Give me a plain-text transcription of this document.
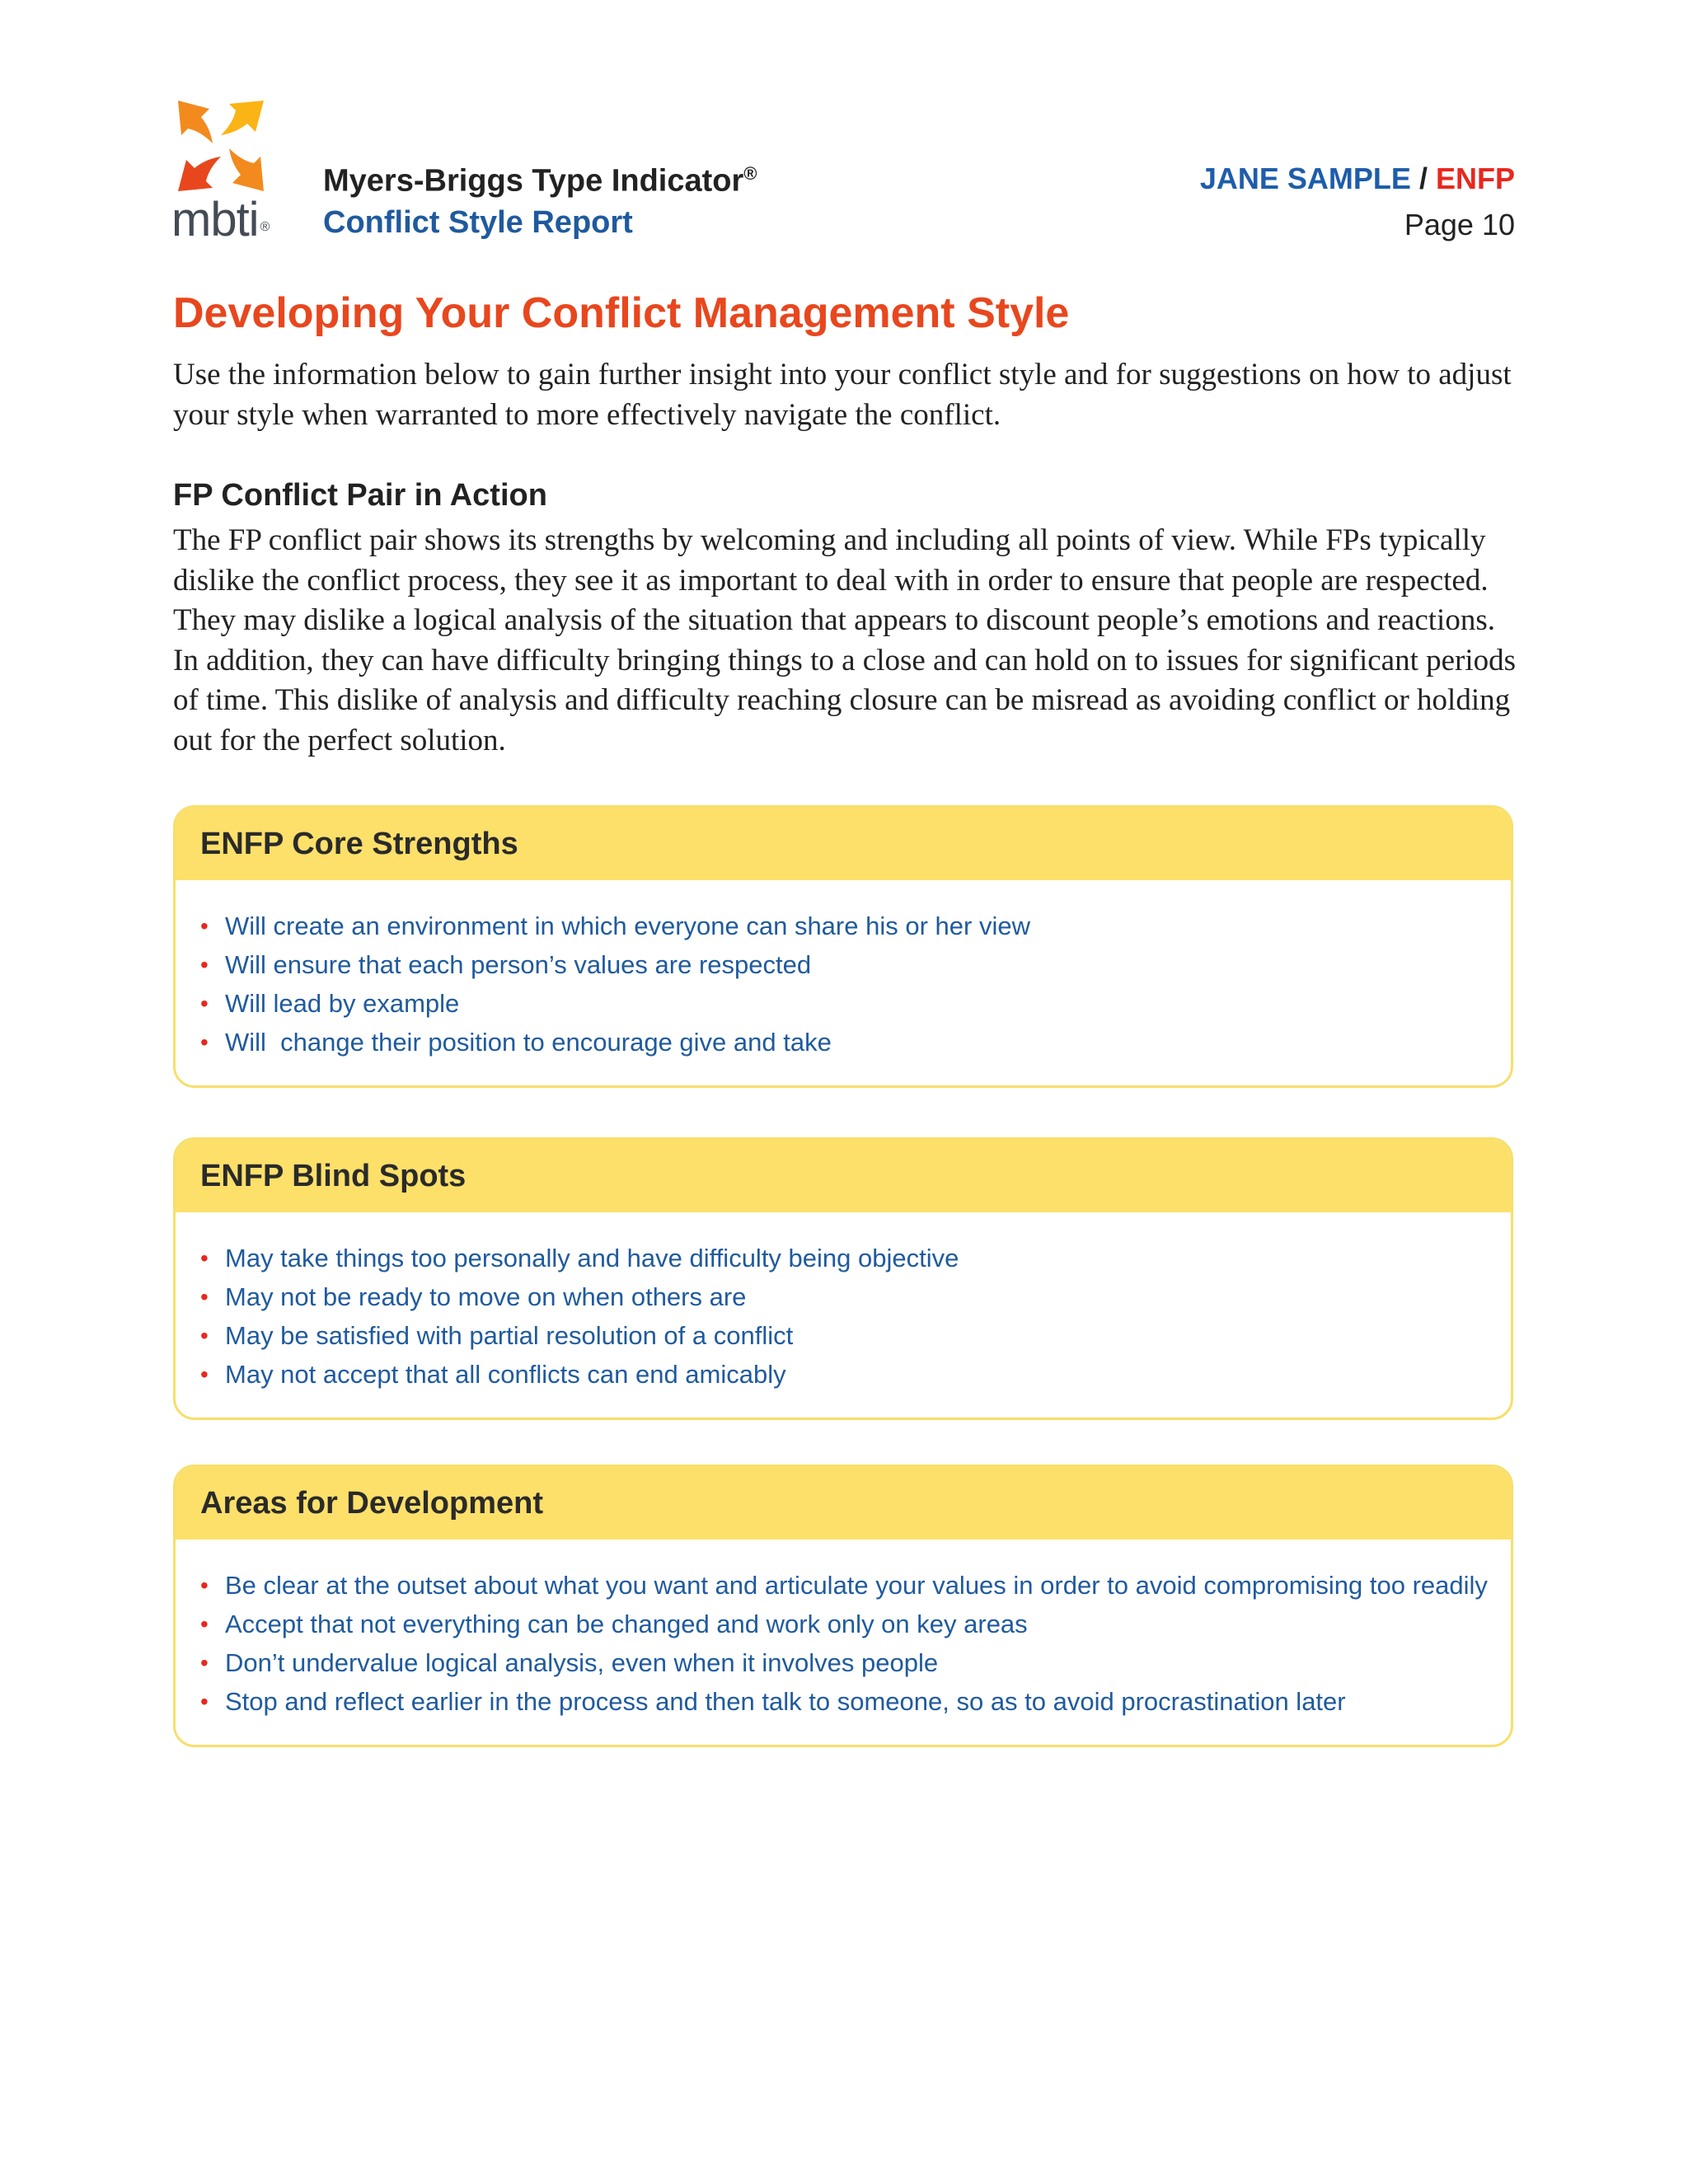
mbti ®
Myers-Briggs Type Indicator®
Conflict Style Report
JANE SAMPLE / ENFP
Page 10
Developing Your Conflict Management Style
Use the information below to gain further insight into your conflict style and for suggestions on how to adjust your style when warranted to more effectively navigate the conflict.
FP Conflict Pair in Action
The FP conflict pair shows its strengths by welcoming and including all points of view. While FPs typically dislike the conflict process, they see it as important to deal with in order to ensure that people are respected. They may dislike a logical analysis of the situation that appears to discount people’s emotions and reactions. In addition, they can have difficulty bringing things to a close and can hold on to issues for significant periods of time. This dislike of analysis and difficulty reaching closure can be misread as avoiding conflict or holding out for the perfect solution.
ENFP Core Strengths
• Will create an environment in which everyone can share his or her view
• Will ensure that each person’s values are respected
• Will lead by example
• Will  change their position to encourage give and take
ENFP Blind Spots
• May take things too personally and have difficulty being objective
• May not be ready to move on when others are
• May be satisfied with partial resolution of a conflict
• May not accept that all conflicts can end amicably
Areas for Development
• Be clear at the outset about what you want and articulate your values in order to avoid compromising too readily
• Accept that not everything can be changed and work only on key areas
• Don’t undervalue logical analysis, even when it involves people
• Stop and reflect earlier in the process and then talk to someone, so as to avoid procrastination later
